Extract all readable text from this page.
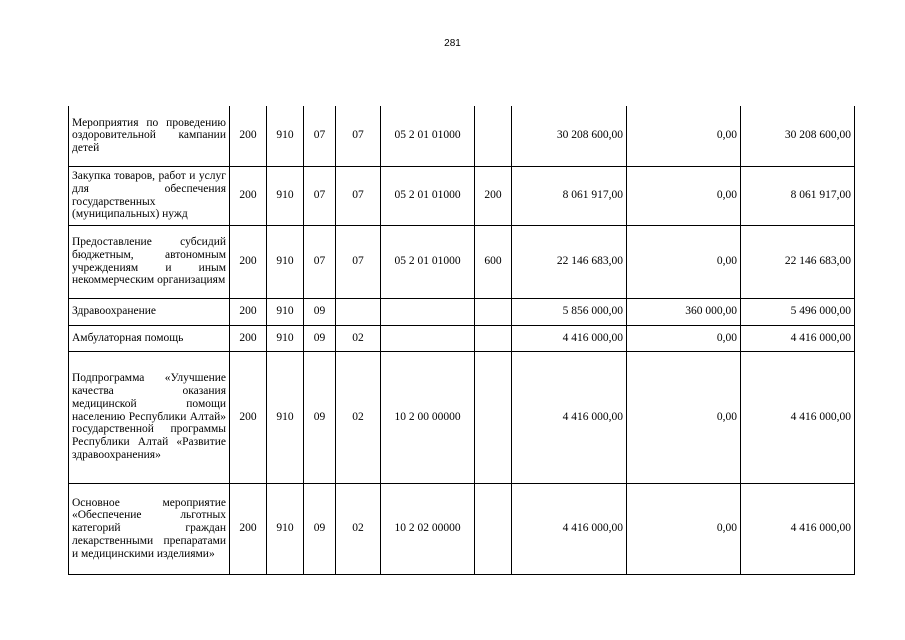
281
Мероприятия по проведению оздоровительной кампании детей	200	910	07	07	05 2 01 01000		30 208 600,00	0,00	30 208 600,00
Закупка товаров, работ и услуг для обеспечения государственных (муниципальных) нужд	200	910	07	07	05 2 01 01000	200	8 061 917,00	0,00	8 061 917,00
Предоставление субсидий бюджетным, автономным учреждениям и иным некоммерческим организациям	200	910	07	07	05 2 01 01000	600	22 146 683,00	0,00	22 146 683,00
Здравоохранение	200	910	09				5 856 000,00	360 000,00	5 496 000,00
Амбулаторная помощь	200	910	09	02			4 416 000,00	0,00	4 416 000,00
Подпрограмма «Улучшение качества оказания медицинской помощи населению Республики Алтай» государственной программы Республики Алтай «Развитие здравоохранения»	200	910	09	02	10 2 00 00000		4 416 000,00	0,00	4 416 000,00
Основное мероприятие «Обеспечение льготных категорий граждан лекарственными препаратами и медицинскими изделиями»	200	910	09	02	10 2 02 00000		4 416 000,00	0,00	4 416 000,00
